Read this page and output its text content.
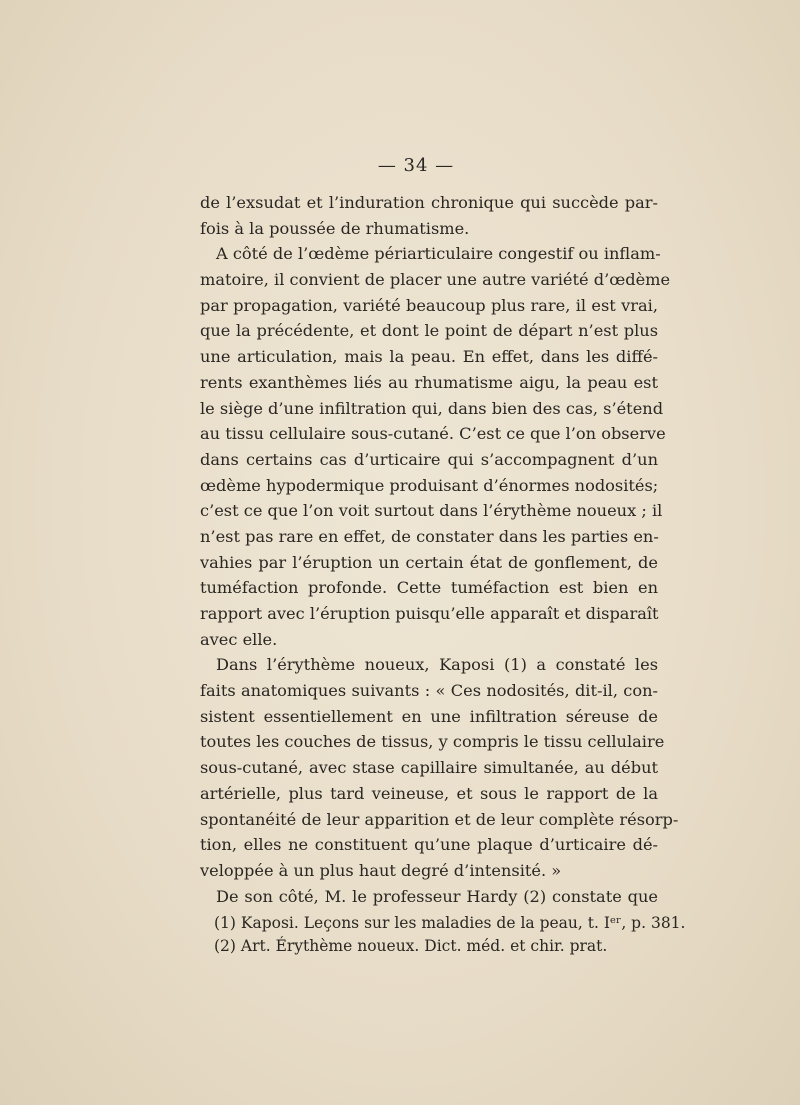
— 34 —
de l’exsudat et l’induration chronique qui succède par-
fois à la poussée de rhumatisme.
A côté de l’œdème périarticulaire congestif ou inflam-
matoire, il convient de placer une autre variété d’œdème
par propagation, variété beaucoup plus rare, il est vrai,
que la précédente, et dont le point de départ n’est plus
une articulation, mais la peau. En effet, dans les diffé-
rents exanthèmes liés au rhumatisme aigu, la peau est
le siège d’une infiltration qui, dans bien des cas, s’étend
au tissu cellulaire sous-cutané. C’est ce que l’on observe
dans certains cas d’urticaire qui s’accompagnent d’un
œdème hypodermique produisant d’énormes nodosités;
c’est ce que l’on voit surtout dans l’érythème noueux ; il
n’est pas rare en effet, de constater dans les parties en-
vahies par l’éruption un certain état de gonflement, de
tuméfaction profonde. Cette tuméfaction est bien en
rapport avec l’éruption puisqu’elle apparaît et disparaît
avec elle.
Dans l’érythème noueux, Kaposi (1) a constaté les
faits anatomiques suivants : « Ces nodosités, dit-il, con-
sistent essentiellement en une infiltration séreuse de
toutes les couches de tissus, y compris le tissu cellulaire
sous-cutané, avec stase capillaire simultanée, au début
artérielle, plus tard veineuse, et sous le rapport de la
spontanéité de leur apparition et de leur complète résorp-
tion, elles ne constituent qu’une plaque d’urticaire dé-
veloppée à un plus haut degré d’intensité. »
De son côté, M. le professeur Hardy (2) constate que
(1) Kaposi. Leçons sur les maladies de la peau, t. Iᵉʳ, p. 381.
(2) Art. Érythème noueux. Dict. méd. et chir. prat.
